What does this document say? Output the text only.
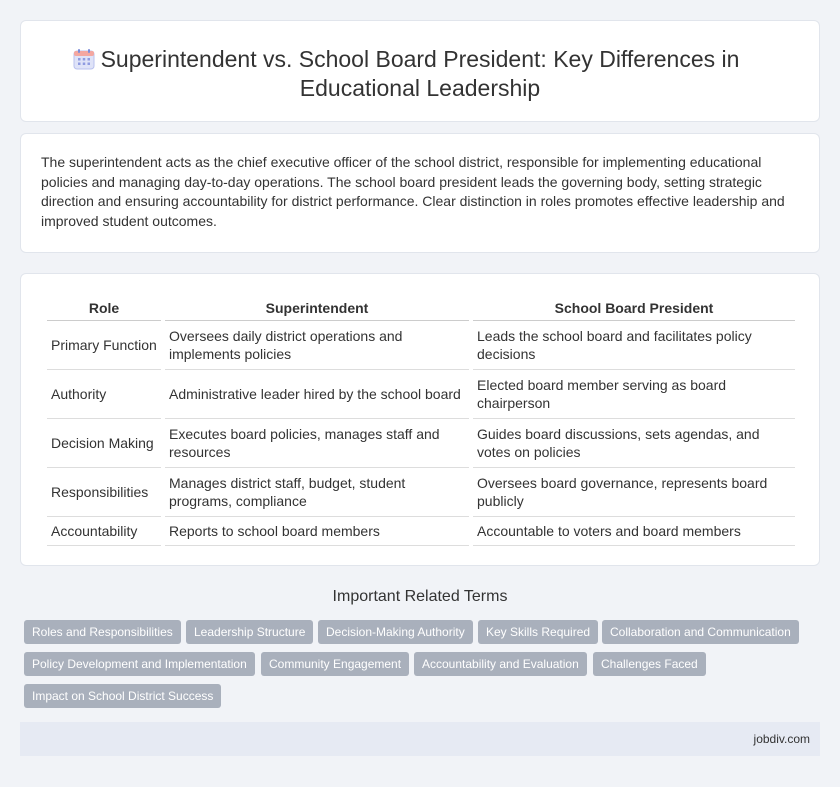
Superintendent vs. School Board President: Key Differences in Educational Leadership
The superintendent acts as the chief executive officer of the school district, responsible for implementing educational policies and managing day-to-day operations. The school board president leads the governing body, setting strategic direction and ensuring accountability for district performance. Clear distinction in roles promotes effective leadership and improved student outcomes.
Role	Superintendent	School Board President
Primary Function	Oversees daily district operations and implements policies	Leads the school board and facilitates policy decisions
Authority	Administrative leader hired by the school board	Elected board member serving as board chairperson
Decision Making	Executes board policies, manages staff and resources	Guides board discussions, sets agendas, and votes on policies
Responsibilities	Manages district staff, budget, student programs, compliance	Oversees board governance, represents board publicly
Accountability	Reports to school board members	Accountable to voters and board members
Important Related Terms
Roles and Responsibilities	Leadership Structure	Decision-Making Authority	Key Skills Required	Collaboration and Communication
Policy Development and Implementation	Community Engagement	Accountability and Evaluation	Challenges Faced
Impact on School District Success
jobdiv.com
